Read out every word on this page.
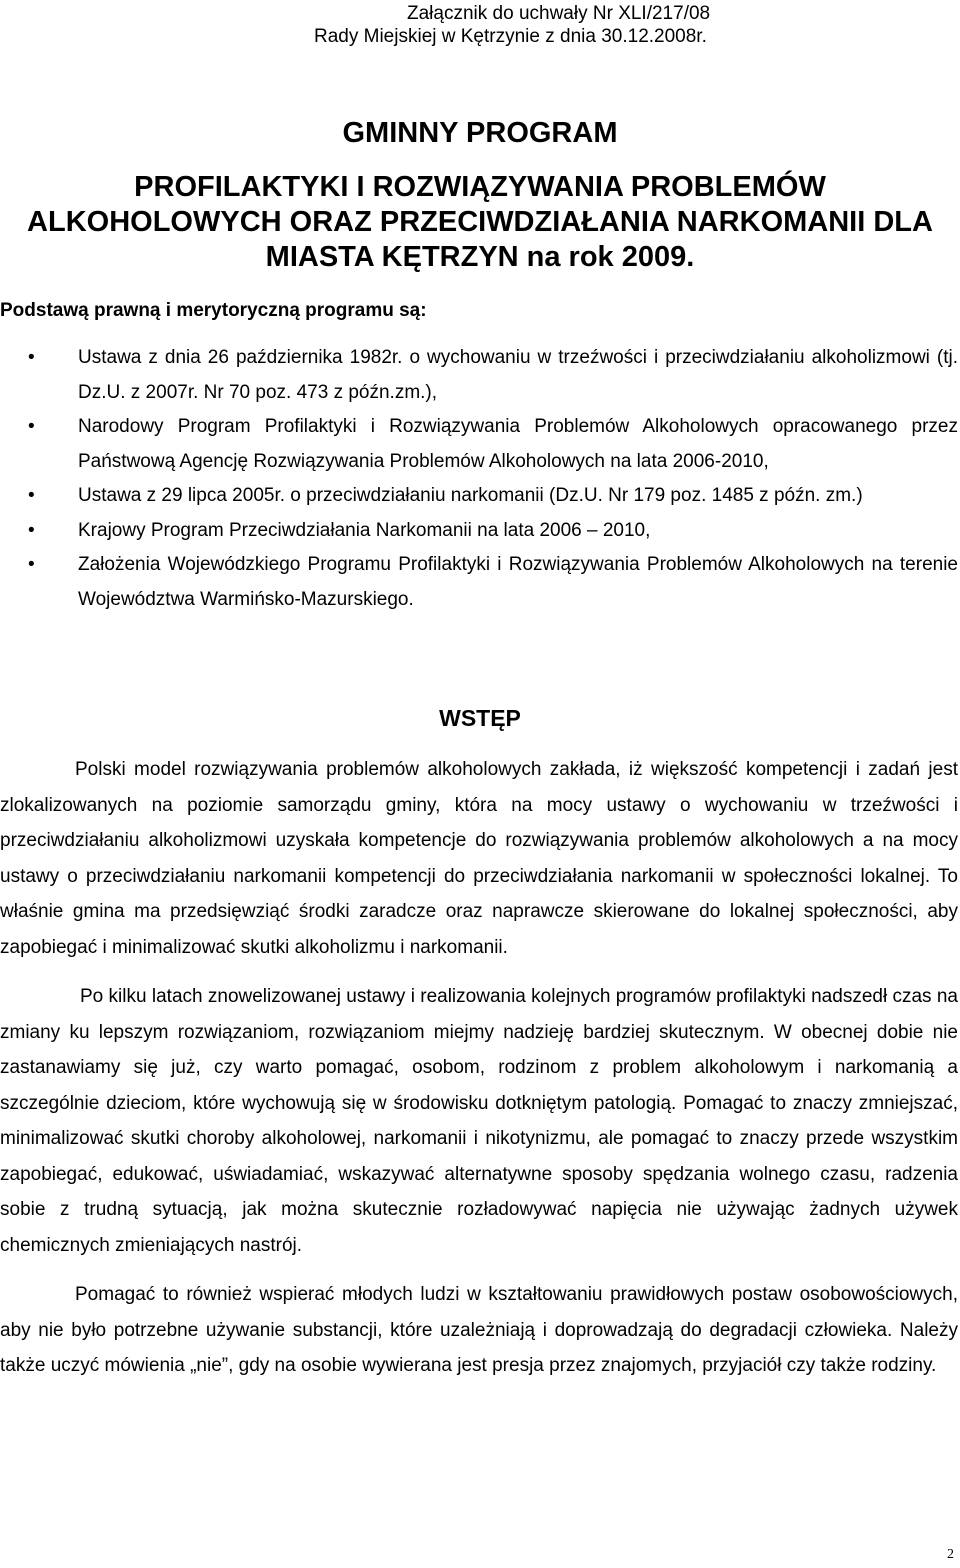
Załącznik do uchwały Nr XLI/217/08
Rady Miejskiej w Kętrzynie z dnia 30.12.2008r.

GMINNY PROGRAM

PROFILAKTYKI I ROZWIĄZYWANIA PROBLEMÓW

ALKOHOLOWYCH ORAZ PRZECIWDZIAŁANIA NARKOMANII DLA

MIASTA KĘTRZYN na rok 2009.

Podstawą prawną i merytoryczną programu są:
• Ustawa z dnia 26 października 1982r. o wychowaniu w trzeźwości i przeciwdziałaniu alkoholizmowi (tj. Dz.U. z 2007r. Nr 70 poz. 473 z późn.zm.),
• Narodowy Program Profilaktyki i Rozwiązywania Problemów Alkoholowych opracowanego przez Państwową Agencję Rozwiązywania Problemów Alkoholowych na lata 2006-2010,
• Ustawa z 29 lipca 2005r. o przeciwdziałaniu narkomanii (Dz.U. Nr 179 poz. 1485 z późn. zm.)
• Krajowy Program Przeciwdziałania Narkomanii na lata 2006 – 2010,
• Założenia Wojewódzkiego Programu Profilaktyki i Rozwiązywania Problemów Alkoholowych na terenie Województwa Warmińsko-Mazurskiego.
WSTĘP

Polski model rozwiązywania problemów alkoholowych zakłada, iż większość kompetencji i zadań jest zlokalizowanych na poziomie samorządu gminy, która na mocy ustawy o wychowaniu w trzeźwości i przeciwdziałaniu alkoholizmowi uzyskała kompetencje do rozwiązywania problemów alkoholowych a na mocy ustawy o przeciwdziałaniu narkomanii kompetencji do przeciwdziałania narkomanii w społeczności lokalnej. To właśnie gmina ma przedsięwziąć środki zaradcze oraz naprawcze skierowane do lokalnej społeczności, aby zapobiegać i minimalizować skutki alkoholizmu i narkomanii.

Po kilku latach znowelizowanej ustawy i realizowania kolejnych programów profilaktyki nadszedł czas na zmiany ku lepszym rozwiązaniom, rozwiązaniom miejmy nadzieję bardziej skutecznym. W obecnej dobie nie zastanawiamy się już, czy warto pomagać, osobom, rodzinom z problem alkoholowym i narkomanią a szczególnie dzieciom, które wychowują się w środowisku dotkniętym patologią. Pomagać to znaczy zmniejszać, minimalizować skutki choroby alkoholowej, narkomanii i nikotynizmu, ale pomagać to znaczy przede wszystkim zapobiegać, edukować, uświadamiać, wskazywać alternatywne sposoby spędzania wolnego czasu, radzenia sobie z trudną sytuacją, jak można skutecznie rozładowywać napięcia nie używając żadnych używek chemicznych zmieniających nastrój.

Pomagać to również wspierać młodych ludzi w kształtowaniu prawidłowych postaw osobowościowych, aby nie było potrzebne używanie substancji, które uzależniają i doprowadzają do degradacji człowieka. Należy także uczyć mówienia „nie”, gdy na osobie wywierana jest presja przez znajomych, przyjaciół czy także rodziny.

2
